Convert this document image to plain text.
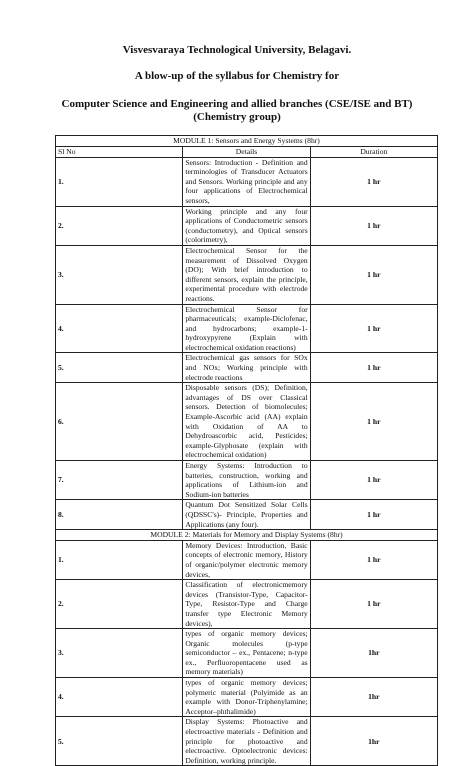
Visvesvaraya Technological University, Belagavi.
A blow-up of the syllabus for Chemistry for
Computer Science and Engineering and allied branches (CSE/ISE and BT)
(Chemistry group)
MODULE 1: Sensors and Energy Systems (8hr)		
Sl No	Details	Duration
1.	Sensors: Introduction - Definition and terminologies of Transducer Actuators and Sensors. Working principle and any four applications of Electrochemical sensors,	1 hr
2.	Working principle and any four applications of Conductometric sensors (conductometry), and Optical sensors (colorimetry),	1 hr
3.	Electrochemical Sensor for the measurement of Dissolved Oxygen (DO); With brief introduction to different sensors, explain the principle, experimental procedure with electrode reactions.	1 hr
4.	Electrochemical Sensor for pharmaceuticals; example-Diclofenac, and hydrocarbons; example-1-hydroxypyrene (Explain with electrochemical oxidation reactions)	1 hr
5.	Electrochemical gas sensors for SOx and NOx; Working principle with electrode reactions	1 hr
6.	Disposable sensors (DS); Definition, advantages of DS over Classical sensors. Detection of biomolecules; Example-Ascorbic acid (AA) explain with Oxidation of AA to Dehydroascorbic acid, Pesticides; example-Glyphosate (explain with electrochemical oxidation)	1 hr
7.	Energy Systems: Introduction to batteries, construction, working and applications of Lithium-ion and Sodium-ion batteries	1 hr
8.	Quantum Dot Sensitized Solar Cells (QDSSC's)- Principle, Properties and Applications (any four).	1 hr
MODULE 2: Materials for Memory and Display Systems (8hr)		
1.	Memory Devices: Introduction, Basic concepts of electronic memory, History of organic/polymer electronic memory devices,	1 hr
2.	Classification of electronicmemory devices (Transistor-Type, Capacitor-Type, Resistor-Type and Charge transfer type Electronic Memory devices),	1 hr
3.	types of organic memory devices; Organic molecules (p-type semiconductor – ex., Pentacene; n-type ex., Perfluoropentacene used as memory materials)	1hr
4.	types of organic memory devices; polymeric material (Polyimide as an example with Donor-Triphenylamine; Acceptor–phthalimide)	1hr
5.	Display Systems: Photoactive and electroactive materials - Definition and principle for photoactive and electroactive. Optoelectronic devices: Definition, working principle.	1hr
